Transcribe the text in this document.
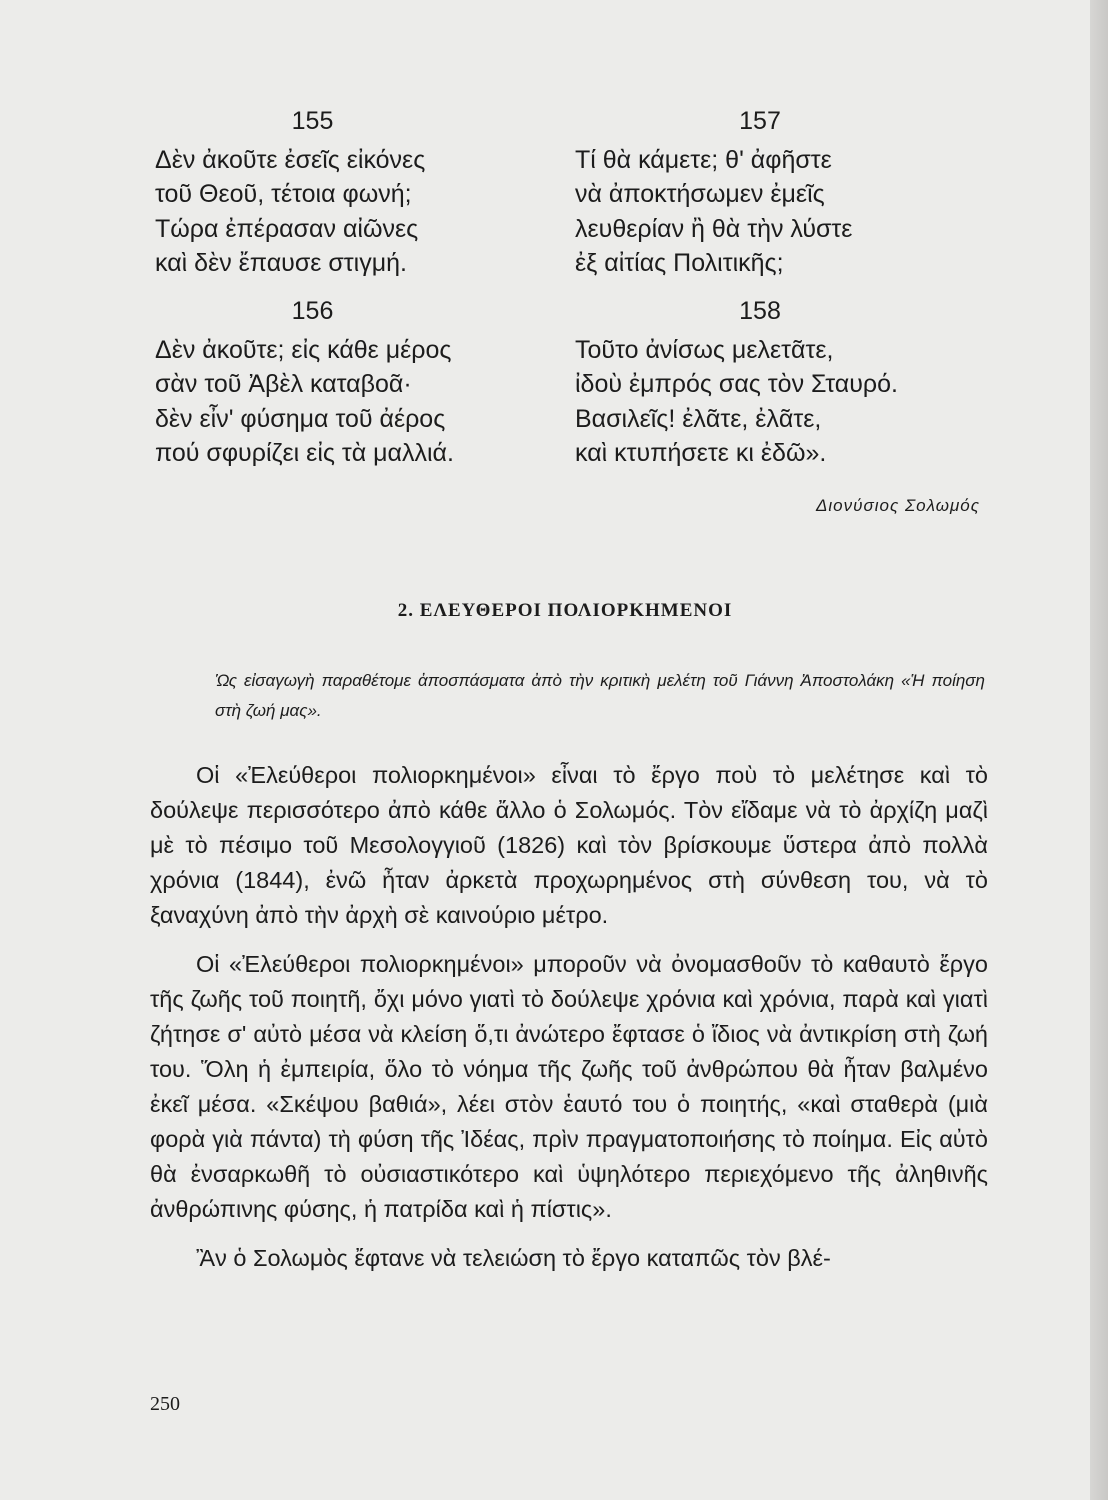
155
Δὲν ἀκοῦτε ἐσεῖς εἰκόνες
τοῦ Θεοῦ, τέτοια φωνή;
Τώρα ἐπέρασαν αἰῶνες
καὶ δὲν ἔπαυσε στιγμή.
156
Δὲν ἀκοῦτε; εἰς κάθε μέρος
σὰν τοῦ Ἀβὲλ καταβοᾶ·
δὲν εἶν' φύσημα τοῦ ἀέρος
πού σφυρίζει εἰς τὰ μαλλιά.
157
Τί θὰ κάμετε; θ' ἀφῆστε
νὰ ἀποκτήσωμεν ἐμεῖς
λευθερίαν ἢ θὰ τὴν λύστε
ἐξ αἰτίας Πολιτικῆς;
158
Τοῦτο ἀνίσως μελετᾶτε,
ἰδοὺ ἐμπρός σας τὸν Σταυρό.
Βασιλεῖς! ἐλᾶτε, ἐλᾶτε,
καὶ κτυπήσετε κι ἐδῶ».
Διονύσιος Σολωμός
2. ΕΛΕΥΘΕΡΟΙ ΠΟΛΙΟΡΚΗΜΕΝΟΙ
Ὡς εἰσαγωγὴ παραθέτομε ἀποσπάσματα ἀπὸ τὴν κριτικὴ μελέτη τοῦ Γιάννη Ἀποστολάκη «Ἡ ποίηση στὴ ζωή μας».

Οἱ «Ἐλεύθεροι πολιορκημένοι» εἶναι τὸ ἔργο ποὺ τὸ μελέτησε καὶ τὸ δούλεψε περισσότερο ἀπὸ κάθε ἄλλο ὁ Σολωμός. Τὸν εἴδαμε νὰ τὸ ἀρχίζη μαζὶ μὲ τὸ πέσιμο τοῦ Μεσολογγιοῦ (1826) καὶ τὸν βρίσκουμε ὕστερα ἀπὸ πολλὰ χρόνια (1844), ἐνῶ ἦταν ἀρκετὰ προχωρημένος στὴ σύνθεση του, νὰ τὸ ξαναχύνη ἀπὸ τὴν ἀρχὴ σὲ καινούριο μέτρο.

Οἱ «Ἐλεύθεροι πολιορκημένοι» μποροῦν νὰ ὀνομασθοῦν τὸ καθαυτὸ ἔργο τῆς ζωῆς τοῦ ποιητῆ, ὄχι μόνο γιατὶ τὸ δούλεψε χρόνια καὶ χρόνια, παρὰ καὶ γιατὶ ζήτησε σ' αὐτὸ μέσα νὰ κλείση ὅ,τι ἀνώτερο ἔφτασε ὁ ἴδιος νὰ ἀντικρίση στὴ ζωή του. Ὅλη ἡ ἐμπειρία, ὅλο τὸ νόημα τῆς ζωῆς τοῦ ἀνθρώπου θὰ ἦταν βαλμένο ἐκεῖ μέσα. «Σκέψου βαθιά», λέει στὸν ἑαυτό του ὁ ποιητής, «καὶ σταθερὰ (μιὰ φορὰ γιὰ πάντα) τὴ φύση τῆς Ἰδέας, πρὶν πραγματοποιήσης τὸ ποίημα. Εἰς αὐτὸ θὰ ἐνσαρκωθῆ τὸ οὐσιαστικότερο καὶ ὑψηλότερο περιεχόμενο τῆς ἀληθινῆς ἀνθρώπινης φύσης, ἡ πατρίδα καὶ ἡ πίστις».

Ἂν ὁ Σολωμὸς ἔφτανε νὰ τελειώση τὸ ἔργο καταπῶς τὸν βλέ-

250
